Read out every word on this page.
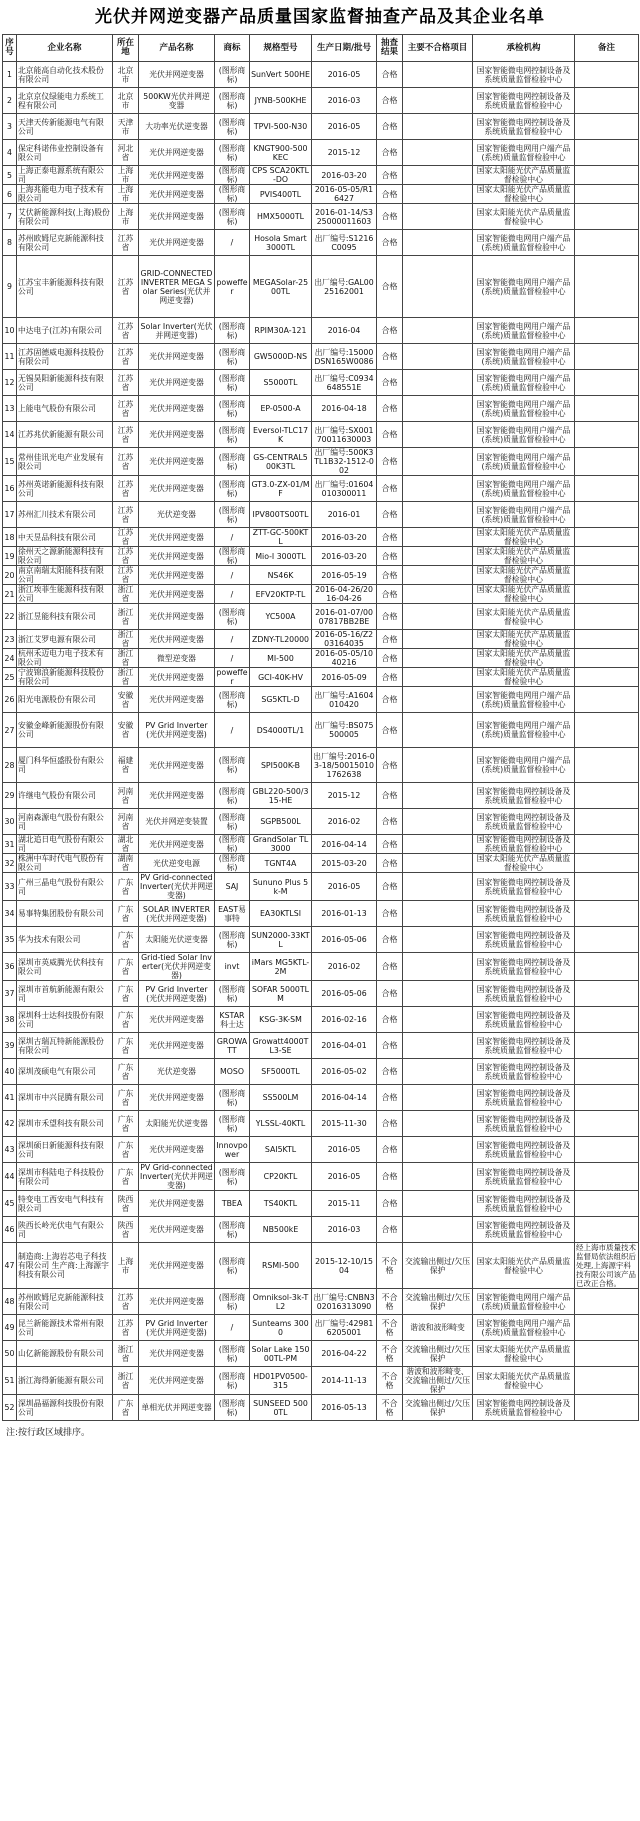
光伏并网逆变器产品质量国家监督抽查产品及其企业名单
序号	企业名称	所在地	产品名称	商标	规格型号	生产日期/批号	抽查结果	主要不合格项目	承检机构	备注
1	北京能高自动化技术股份有限公司	北京市	光伏并网逆变器	(图形商标)	SunVert 500HE	2016-05	合格		国家智能微电网控制设备及系统质量监督检验中心	
2	北京京仪绿能电力系统工程有限公司	北京市	500KW光伏并网逆变器	(图形商标)	JYNB-500KHE	2016-03	合格		国家智能微电网控制设备及系统质量监督检验中心	
3	天津天传新能源电气有限公司	天津市	大功率光伏逆变器	(图形商标)	TPVI-500-N30	2016-05	合格		国家智能微电网控制设备及系统质量监督检验中心	
4	保定科诺伟业控制设备有限公司	河北省	光伏并网逆变器	(图形商标)	KNGT900-500KEC	2015-12	合格		国家智能微电网用户端产品(系统)质量监督检验中心	
5	上海正泰电源系统有限公司	上海市	光伏并网逆变器	(图形商标)	CPS SCA20KTL-DO	2016-03-20	合格		国家太阳能光伏产品质量监督检验中心	
6	上海兆能电力电子技术有限公司	上海市	光伏并网逆变器	(图形商标)	PVIS400TL	2016-05-05/R16427	合格		国家太阳能光伏产品质量监督检验中心	
7	艾伏新能源科技(上海)股份有限公司	上海市	光伏并网逆变器	(图形商标)	HMX5000TL	2016-01-14/S325000011603	合格		国家太阳能光伏产品质量监督检验中心	
8	苏州欧姆尼克新能源科技有限公司	江苏省	光伏并网逆变器	/	Hosola Smart 3000TL	出厂编号:S1216C0095	合格		国家智能微电网用户端产品(系统)质量监督检验中心	
9	江苏宝丰新能源科技有限公司	江苏省	GRID-CONNECTED INVERTER MEGA Solar Series(光伏并网逆变器)	poweffer	MEGASolar-2500TL	出厂编号:GAL0025162001	合格		国家智能微电网用户端产品(系统)质量监督检验中心	
10	中达电子(江苏)有限公司	江苏省	Solar Inverter(光伏并网逆变器)	(图形商标)	RPIM30A-121	2016-04	合格		国家智能微电网用户端产品(系统)质量监督检验中心	
11	江苏固德威电源科技股份有限公司	江苏省	光伏并网逆变器	(图形商标)	GW5000D-NS	出厂编号:15000DSN165W0086	合格		国家智能微电网用户端产品(系统)质量监督检验中心	
12	无锡昊阳新能源科技有限公司	江苏省	光伏并网逆变器	(图形商标)	S5000TL	出厂编号:C0934648551E	合格		国家智能微电网用户端产品(系统)质量监督检验中心	
13	上能电气股份有限公司	江苏省	光伏并网逆变器	(图形商标)	EP-0500-A	2016-04-18	合格		国家智能微电网用户端产品(系统)质量监督检验中心	
14	江苏兆伏新能源有限公司	江苏省	光伏并网逆变器	(图形商标)	Eversol-TLC17K	出厂编号:SX00170011630003	合格		国家智能微电网用户端产品(系统)质量监督检验中心	
15	常州佳讯光电产业发展有限公司	江苏省	光伏并网逆变器	(图形商标)	GS-CENTRAL500K3TL	出厂编号:500K3TL1B32-1512-002	合格		国家智能微电网用户端产品(系统)质量监督检验中心	
16	苏州英诺新能源科技有限公司	江苏省	光伏并网逆变器	(图形商标)	GT3.0-ZX-01/MF	出厂编号:01604010300011	合格		国家智能微电网用户端产品(系统)质量监督检验中心	
17	苏州汇川技术有限公司	江苏省	光伏逆变器	(图形商标)	IPV800TS00TL	2016-01	合格		国家智能微电网用户端产品(系统)质量监督检验中心	
18	中天昱品科技有限公司	江苏省	光伏并网逆变器	/	ZTT-GC-500KTL	2016-03-20	合格		国家太阳能光伏产品质量监督检验中心	
19	徐州天之源新能源科技有限公司	江苏省	光伏并网逆变器	(图形商标)	Mio-I 3000TL	2016-03-20	合格		国家太阳能光伏产品质量监督检验中心	
20	南京南瑞太阳能科技有限公司	江苏省	光伏并网逆变器	/	NS46K	2016-05-19	合格		国家太阳能光伏产品质量监督检验中心	
21	浙江埃菲生能源科技有限公司	浙江省	光伏并网逆变器	/	EFV20KTP-TL	2016-04-26/2016-04-26	合格		国家太阳能光伏产品质量监督检验中心	
22	浙江昱能科技有限公司	浙江省	光伏并网逆变器	(图形商标)	YC500A	2016-01-07/0007817BB2BE	合格		国家太阳能光伏产品质量监督检验中心	
23	浙江艾罗电源有限公司	浙江省	光伏并网逆变器	/	ZDNY-TL20000	2016-05-16/Z203164035	合格		国家太阳能光伏产品质量监督检验中心	
24	杭州禾迈电力电子技术有限公司	浙江省	微型逆变器	/	MI-500	2016-05-05/1040216	合格		国家太阳能光伏产品质量监督检验中心	
25	宁波锦浪新能源科技股份有限公司	浙江省	光伏并网逆变器	poweffer	GCI-40K-HV	2016-05-09	合格		国家太阳能光伏产品质量监督检验中心	
26	阳光电源股份有限公司	安徽省	光伏并网逆变器	(图形商标)	SG5KTL-D	出厂编号:A1604010420	合格		国家智能微电网用户端产品(系统)质量监督检验中心	
27	安徽金峰新能源股份有限公司	安徽省	PV Grid Inverter(光伏并网逆变器)	/	DS4000TL/1	出厂编号:BS075500005	合格		国家智能微电网用户端产品(系统)质量监督检验中心	
28	厦门科华恒盛股份有限公司	福建省	光伏并网逆变器	(图形商标)	SPI500K-B	出厂编号:2016-03-18/500150101762638	合格		国家智能微电网用户端产品(系统)质量监督检验中心	
29	许继电气股份有限公司	河南省	光伏并网逆变器	(图形商标)	GBL220-500/315-HE	2015-12	合格		国家智能微电网控制设备及系统质量监督检验中心	
30	河南森源电气股份有限公司	河南省	光伏并网逆变装置	(图形商标)	SGPB500L	2016-02	合格		国家智能微电网控制设备及系统质量监督检验中心	
31	湖北追日电气股份有限公司	湖北省	光伏并网逆变器	(图形商标)	GrandSolar TL3000	2016-04-14	合格		国家智能微电网控制设备及系统质量监督检验中心	
32	株洲中车时代电气股份有限公司	湖南省	光伏逆变电源	(图形商标)	TGNT4A	2015-03-20	合格		国家太阳能光伏产品质量监督检验中心	
33	广州三晶电气股份有限公司	广东省	PV Grid-connected Inverter(光伏并网逆变器)	SAJ	Sununo Plus 5k-M	2016-05	合格		国家智能微电网控制设备及系统质量监督检验中心	
34	易事特集团股份有限公司	广东省	SOLAR INVERTER(光伏并网逆变器)	EAST易事特	EA30KTLSI	2016-01-13	合格		国家智能微电网控制设备及系统质量监督检验中心	
35	华为技术有限公司	广东省	太阳能光伏逆变器	(图形商标)	SUN2000-33KTL	2016-05-06	合格		国家智能微电网控制设备及系统质量监督检验中心	
36	深圳市英威腾光伏科技有限公司	广东省	Grid-tied Solar Inverter(光伏并网逆变器)	invt	iMars MG5KTL-2M	2016-02	合格		国家智能微电网控制设备及系统质量监督检验中心	
37	深圳市首航新能源有限公司	广东省	PV Grid Inverter(光伏并网逆变器)	(图形商标)	SOFAR 5000TLM	2016-05-06	合格		国家智能微电网控制设备及系统质量监督检验中心	
38	深圳科士达科技股份有限公司	广东省	光伏并网逆变器	KSTAR科士达	KSG-3K-SM	2016-02-16	合格		国家智能微电网控制设备及系统质量监督检验中心	
39	深圳古瑞瓦特新能源股份有限公司	广东省	光伏并网逆变器	GROWATT	Growatt4000TL3-SE	2016-04-01	合格		国家智能微电网控制设备及系统质量监督检验中心	
40	深圳茂硕电气有限公司	广东省	光伏逆变器	MOSO	SF5000TL	2016-05-02	合格		国家智能微电网控制设备及系统质量监督检验中心	
41	深圳市中兴昆腾有限公司	广东省	光伏并网逆变器	(图形商标)	SS500LM	2016-04-14	合格		国家智能微电网控制设备及系统质量监督检验中心	
42	深圳市禾望科技有限公司	广东省	太阳能光伏逆变器	(图形商标)	YLSSL-40KTL	2015-11-30	合格		国家智能微电网控制设备及系统质量监督检验中心	
43	深圳硕日新能源科技有限公司	广东省	光伏并网逆变器	Innovpower	SAI5KTL	2016-05	合格		国家智能微电网控制设备及系统质量监督检验中心	
44	深圳市科陆电子科技股份有限公司	广东省	PV Grid-connected Inverter(光伏并网逆变器)	(图形商标)	CP20KTL	2016-05	合格		国家智能微电网控制设备及系统质量监督检验中心	
45	特变电工西安电气科技有限公司	陕西省	光伏并网逆变器	TBEA	TS40KTL	2015-11	合格		国家智能微电网控制设备及系统质量监督检验中心	
46	陕西长岭光伏电气有限公司	陕西省	光伏并网逆变器	(图形商标)	NB500kE	2016-03	合格		国家智能微电网控制设备及系统质量监督检验中心	
47	制造商:上海岩芯电子科技有限公司 生产商:上海源宇科技有限公司	上海市	光伏并网逆变器	(图形商标)	RSMI-500	2015-12-10/1504	不合格	交流输出侧过/欠压保护	国家太阳能光伏产品质量监督检验中心	经上海市质量技术监督局依法组织后处理,上海源宇科技有限公司该产品已改正合格。
48	苏州欧姆尼克新能源科技有限公司	江苏省	光伏并网逆变器	(图形商标)	Omniksol-3k-TL2	出厂编号:CNBN302016313090	不合格	交流输出侧过/欠压保护	国家智能微电网用户端产品(系统)质量监督检验中心	
49	昆兰新能源技术常州有限公司	江苏省	PV Grid Inverter(光伏并网逆变器)	/	Sunteams 3000	出厂编号:429816205001	不合格	谐波和波形畸变	国家智能微电网用户端产品(系统)质量监督检验中心	
50	山亿新能源股份有限公司	浙江省	光伏并网逆变器	(图形商标)	Solar Lake 15000TL-PM	2016-04-22	不合格	交流输出侧过/欠压保护	国家太阳能光伏产品质量监督检验中心	
51	浙江海得新能源有限公司	浙江省	光伏并网逆变器	(图形商标)	HD01PV0500-315	2014-11-13	不合格	谐波和波形畸变、交流输出侧过/欠压保护	国家太阳能光伏产品质量监督检验中心	
52	深圳晶福源科技股份有限公司	广东省	单相光伏并网逆变器	(图形商标)	SUNSEED 5000TL	2016-05-13	不合格	交流输出侧过/欠压保护	国家智能微电网控制设备及系统质量监督检验中心	
注:按行政区域排序。
